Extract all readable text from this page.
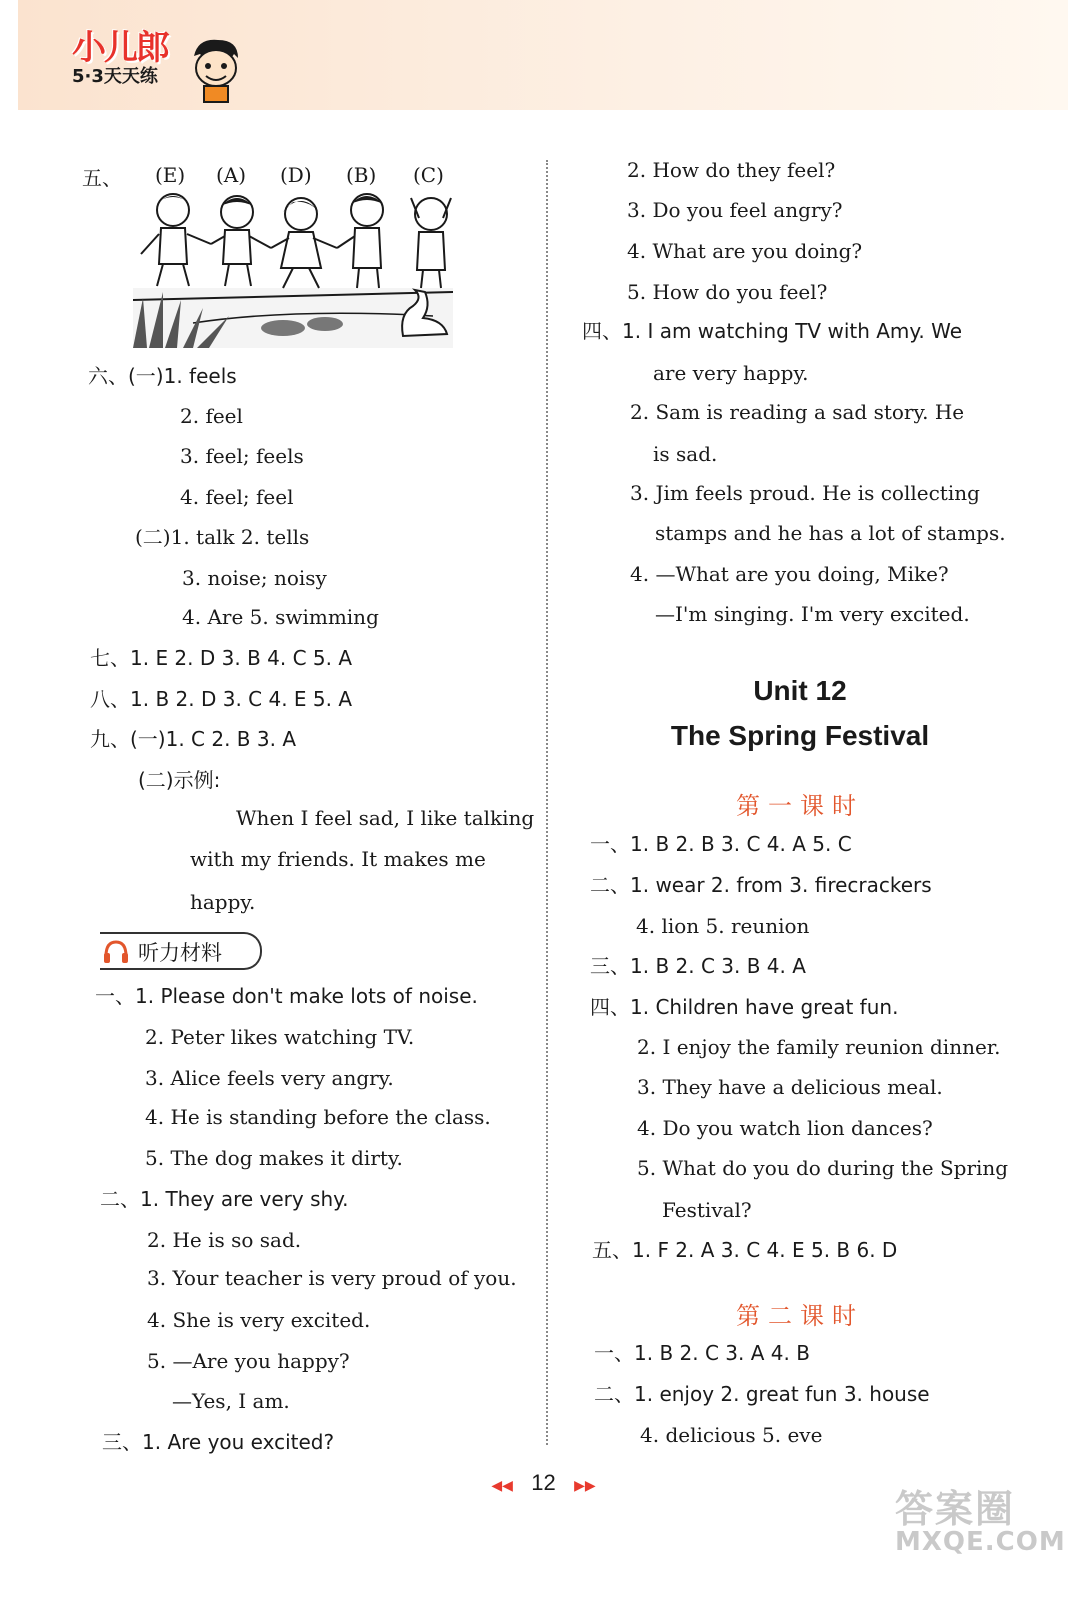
小儿郎
5·3天天练
五、 (E) (A) (D) (B) (C)
六、(一)1. feels
2. feel
3. feel; feels
4. feel; feel
(二)1. talk 2. tells
3. noise; noisy
4. Are 5. swimming
七、1. E 2. D 3. B 4. C 5. A
八、1. B 2. D 3. C 4. E 5. A
九、(一)1. C 2. B 3. A
(二)示例:
When I feel sad, I like talking
with my friends. It makes me
happy.
听力材料
一、1. Please don't make lots of noise.
2. Peter likes watching TV.
3. Alice feels very angry.
4. He is standing before the class.
5. The dog makes it dirty.
二、1. They are very shy.
2. He is so sad.
3. Your teacher is very proud of you.
4. She is very excited.
5. —Are you happy?
—Yes, I am.
三、1. Are you excited?
2. How do they feel?
3. Do you feel angry?
4. What are you doing?
5. How do you feel?
四、1. I am watching TV with Amy. We
are very happy.
2. Sam is reading a sad story. He
is sad.
3. Jim feels proud. He is collecting
stamps and he has a lot of stamps.
4. —What are you doing, Mike?
—I'm singing. I'm very excited.
Unit 12
The Spring Festival
第一课时
一、1. B 2. B 3. C 4. A 5. C
二、1. wear 2. from 3. firecrackers
4. lion 5. reunion
三、1. B 2. C 3. B 4. A
四、1. Children have great fun.
2. I enjoy the family reunion dinner.
3. They have a delicious meal.
4. Do you watch lion dances?
5. What do you do during the Spring
Festival?
五、1. F 2. A 3. C 4. E 5. B 6. D
第二课时
一、1. B 2. C 3. A 4. B
二、1. enjoy 2. great fun 3. house
4. delicious 5. eve
◀◀ 12 ▶▶
答案圈
MXQE.COM
